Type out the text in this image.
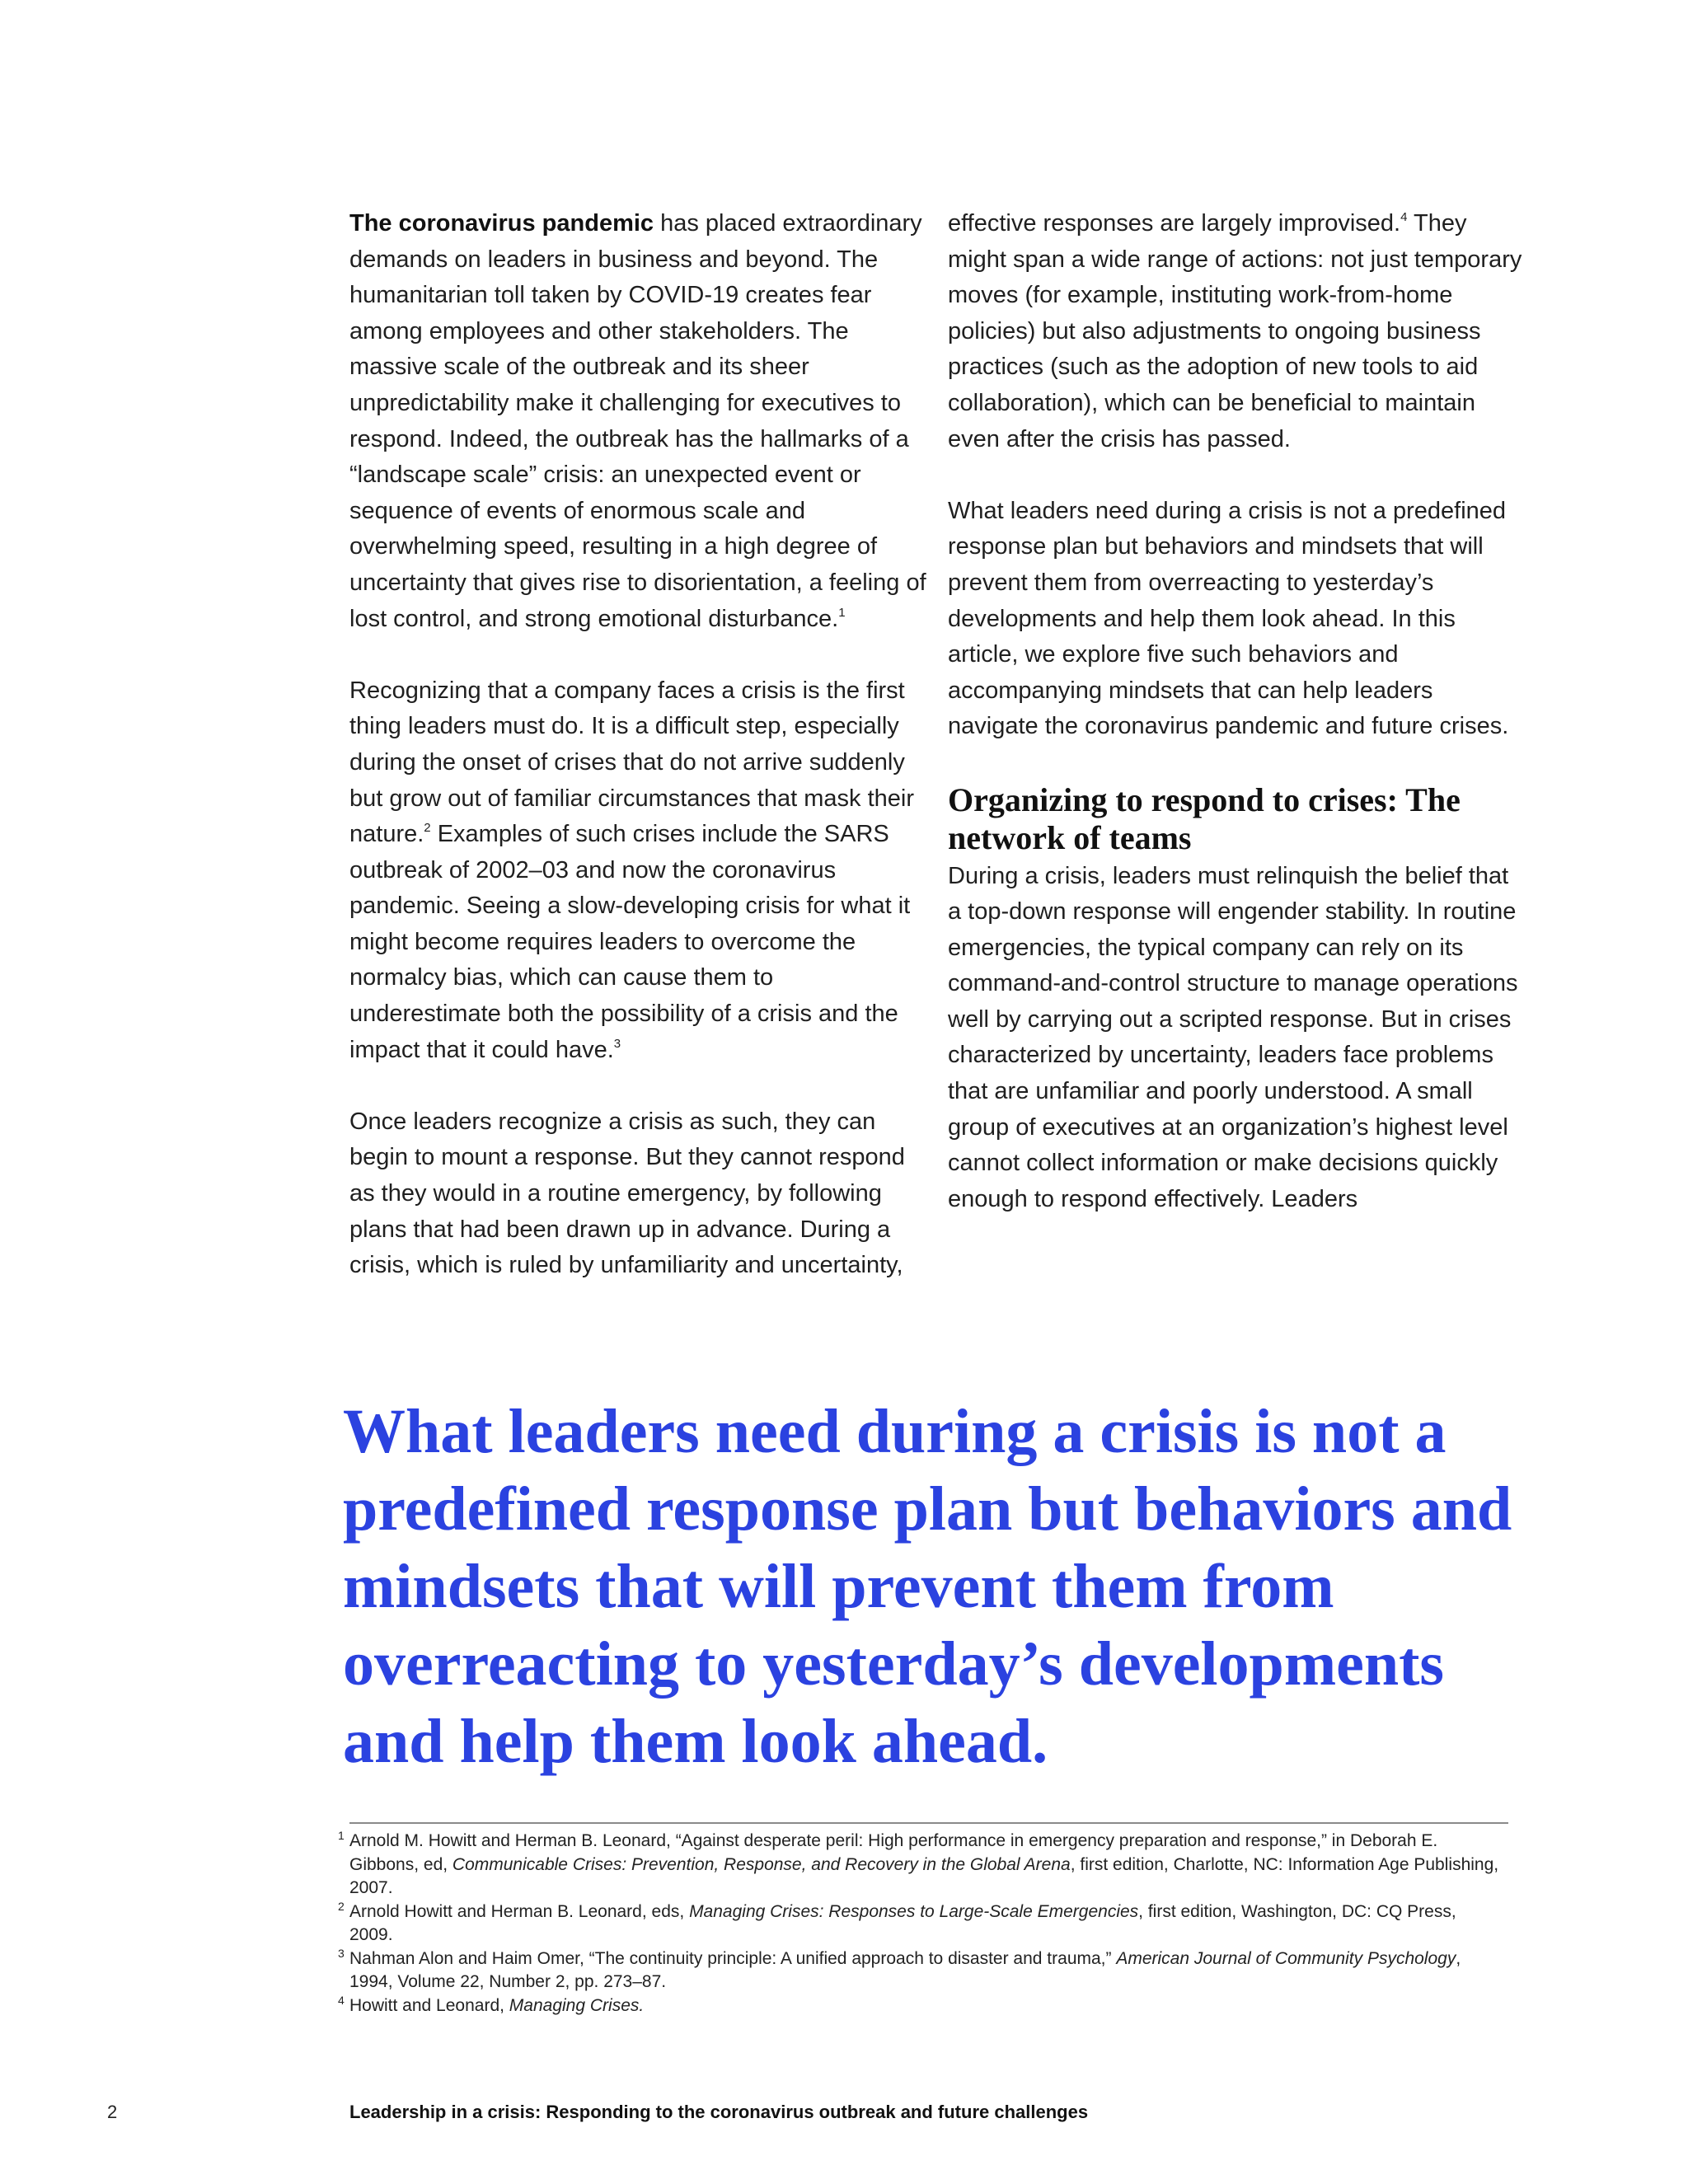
The coronavirus pandemic has placed extraordinary demands on leaders in business and beyond. The humanitarian toll taken by COVID-19 creates fear among employees and other stakeholders. The massive scale of the outbreak and its sheer unpredictability make it challenging for executives to respond. Indeed, the outbreak has the hallmarks of a “landscape scale” crisis: an unexpected event or sequence of events of enormous scale and overwhelming speed, resulting in a high degree of uncertainty that gives rise to disorientation, a feeling of lost control, and strong emotional disturbance.$^1$

Recognizing that a company faces a crisis is the first thing leaders must do. It is a difficult step, especially during the onset of crises that do not arrive suddenly but grow out of familiar circumstances that mask their nature.$^2$ Examples of such crises include the SARS outbreak of 2002–03 and now the coronavirus pandemic. Seeing a slow-developing crisis for what it might become requires leaders to overcome the normalcy bias, which can cause them to underestimate both the possibility of a crisis and the impact that it could have.$^3$

Once leaders recognize a crisis as such, they can begin to mount a response. But they cannot respond as they would in a routine emergency, by following plans that had been drawn up in advance. During a crisis, which is ruled by unfamiliarity and uncertainty,

effective responses are largely improvised.$^4$ They might span a wide range of actions: not just temporary moves (for example, instituting work-from-home policies) but also adjustments to ongoing business practices (such as the adoption of new tools to aid collaboration), which can be beneficial to maintain even after the crisis has passed.

What leaders need during a crisis is not a predefined response plan but behaviors and mindsets that will prevent them from overreacting to yesterday’s developments and help them look ahead. In this article, we explore five such behaviors and accompanying mindsets that can help leaders navigate the coronavirus pandemic and future crises.

Organizing to respond to crises: The network of teams

During a crisis, leaders must relinquish the belief that a top-down response will engender stability. In routine emergencies, the typical company can rely on its command-and-control structure to manage operations well by carrying out a scripted response. But in crises characterized by uncertainty, leaders face problems that are unfamiliar and poorly understood. A small group of executives at an organization’s highest level cannot collect information or make decisions quickly enough to respond effectively. Leaders

What leaders need during a crisis is not a predefined response plan but behaviors and mindsets that will prevent them from overreacting to yesterday’s developments and help them look ahead.
1 Arnold M. Howitt and Herman B. Leonard, “Against desperate peril: High performance in emergency preparation and response,” in Deborah E. Gibbons, ed, Communicable Crises: Prevention, Response, and Recovery in the Global Arena, first edition, Charlotte, NC: Information Age Publishing, 2007.
2 Arnold Howitt and Herman B. Leonard, eds, Managing Crises: Responses to Large-Scale Emergencies, first edition, Washington, DC: CQ Press, 2009.
3 Nahman Alon and Haim Omer, “The continuity principle: A unified approach to disaster and trauma,” American Journal of Community Psychology, 1994, Volume 22, Number 2, pp. 273–87.
4 Howitt and Leonard, Managing Crises.
2	Leadership in a crisis: Responding to the coronavirus outbreak and future challenges
